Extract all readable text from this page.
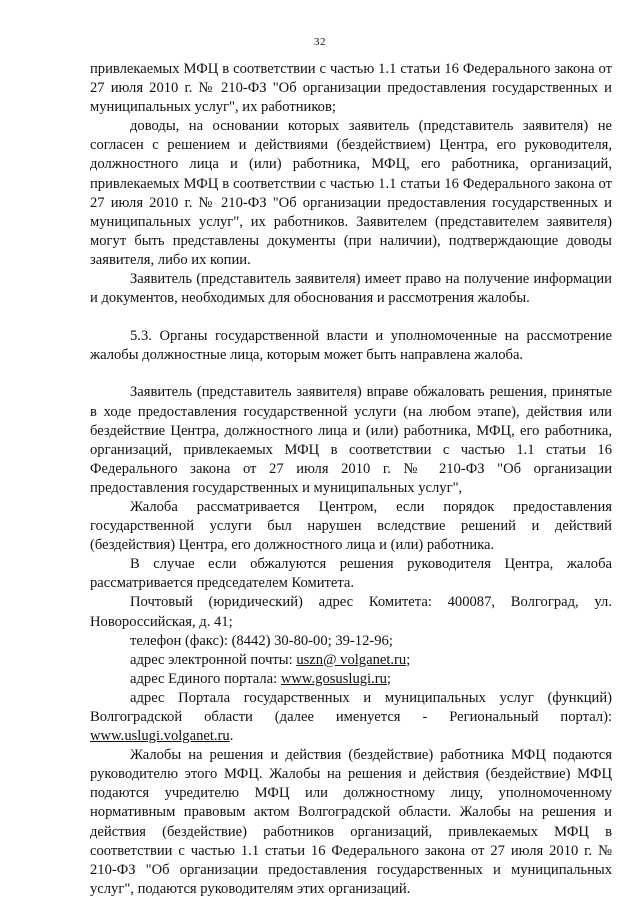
32

привлекаемых МФЦ в соответствии с частью 1.1 статьи 16 Федерального закона от 27 июля 2010 г. № 210-ФЗ "Об организации предоставления государственных и муниципальных услуг", их работников;

доводы, на основании которых заявитель (представитель заявителя) не согласен с решением и действиями (бездействием) Центра, его руководителя, должностного лица и (или) работника, МФЦ, его работника, организаций, привлекаемых МФЦ в соответствии с частью 1.1 статьи 16 Федерального закона от 27 июля 2010 г. № 210-ФЗ "Об организации предоставления государственных и муниципальных услуг", их работников. Заявителем (представителем заявителя) могут быть представлены документы (при наличии), подтверждающие доводы заявителя, либо их копии.

Заявитель (представитель заявителя) имеет право на получение информации и документов, необходимых для обоснования и рассмотрения жалобы.

5.3. Органы государственной власти и уполномоченные на рассмотрение жалобы должностные лица, которым может быть направлена жалоба.

Заявитель (представитель заявителя) вправе обжаловать решения, принятые в ходе предоставления государственной услуги (на любом этапе), действия или бездействие Центра, должностного лица и (или) работника, МФЦ, его работника, организаций, привлекаемых МФЦ в соответствии с частью 1.1 статьи 16 Федерального закона от 27 июля 2010 г. № 210-ФЗ "Об организации предоставления государственных и муниципальных услуг",

Жалоба рассматривается Центром, если порядок предоставления государственной услуги был нарушен вследствие решений и действий (бездействия) Центра, его должностного лица и (или) работника.

В случае если обжалуются решения руководителя Центра, жалоба рассматривается председателем Комитета.

Почтовый (юридический) адрес Комитета: 400087, Волгоград, ул. Новороссийская, д. 41;

телефон (факс): (8442) 30-80-00; 39-12-96;

адрес электронной почты: uszn@ volganet.ru;

адрес Единого портала: www.gosuslugi.ru;

адрес Портала государственных и муниципальных услуг (функций) Волгоградской области (далее именуется - Региональный портал): www.uslugi.volganet.ru.

Жалобы на решения и действия (бездействие) работника МФЦ подаются руководителю этого МФЦ. Жалобы на решения и действия (бездействие) МФЦ подаются учредителю МФЦ или должностному лицу, уполномоченному нормативным правовым актом Волгоградской области. Жалобы на решения и действия (бездействие) работников организаций, привлекаемых МФЦ в соответствии с частью 1.1 статьи 16 Федерального закона от 27 июля 2010 г. № 210-ФЗ "Об организации предоставления государственных и муниципальных услуг", подаются руководителям этих организаций.
